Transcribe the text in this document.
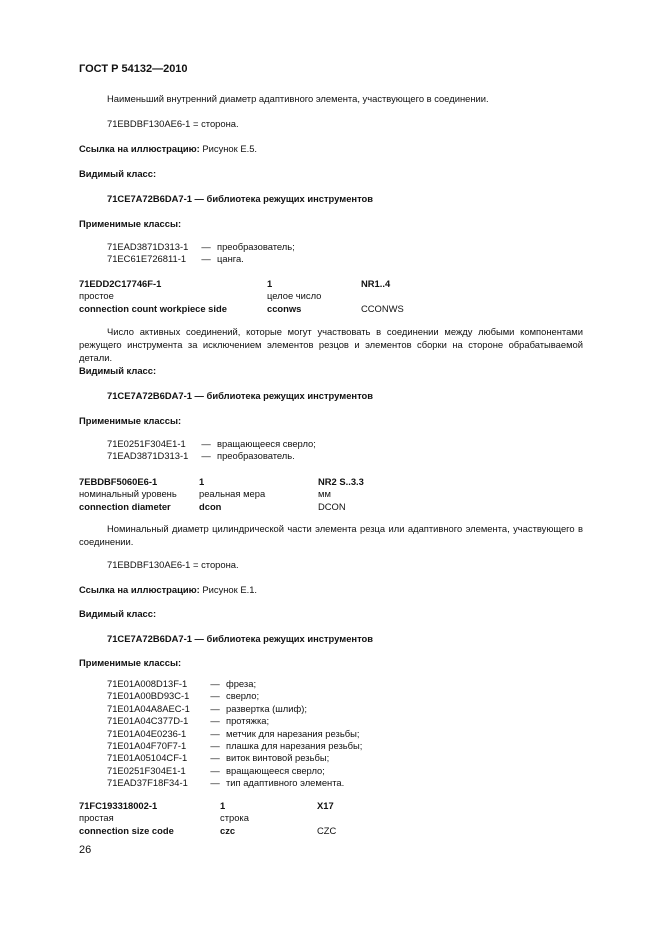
ГОСТ Р 54132—2010

Наименьший внутренний диаметр адаптивного элемента, участвующего в соединении.

71EBDBF130AE6-1 = сторона.

Ссылка на иллюстрацию: Рисунок Е.5.

Видимый класс:

71CE7A72B6DA7-1 — библиотека режущих инструментов

Применимые классы:

71EAD3871D313-1	— преобразователь;
71EC61E726811-1	— цанга.
71EDD2C17746F-1	1	NR1..4
простое	целое число
connection count workpiece side	cconws	CCONWS

Число активных соединений, которые могут участвовать в соединении между любыми компонентами режущего инструмента за исключением элементов резцов и элементов сборки на стороне обрабатываемой детали.

Видимый класс:

71CE7A72B6DA7-1 — библиотека режущих инструментов

Применимые классы:

71E0251F304E1-1	— вращающееся сверло;
71EAD3871D313-1	— преобразователь.
7EBDBF5060E6-1	1	NR2 S..3.3
номинальный уровень	реальная мера	мм
connection diameter	dcon	DCON

Номинальный диаметр цилиндрической части элемента резца или адаптивного элемента, участвующего в соединении.

71EBDBF130AE6-1 = сторона.

Ссылка на иллюстрацию: Рисунок Е.1.

Видимый класс:

71CE7A72B6DA7-1 — библиотека режущих инструментов

Применимые классы:

71E01A008D13F-1	— фреза;
71E01A00BD93C-1	— сверло;
71E01A04A8AEC-1	— развертка (шлиф);
71E01A04C377D-1	— протяжка;
71E01A04E0236-1	— метчик для нарезания резьбы;
71E01A04F70F7-1	— плашка для нарезания резьбы;
71E01A05104CF-1	— виток винтовой резьбы;
71E0251F304E1-1	— вращающееся сверло;
71EAD37F18F34-1	— тип адаптивного элемента.
71FC193318002-1	1	X17
простая	строка
connection size code	czc	CZC
26
